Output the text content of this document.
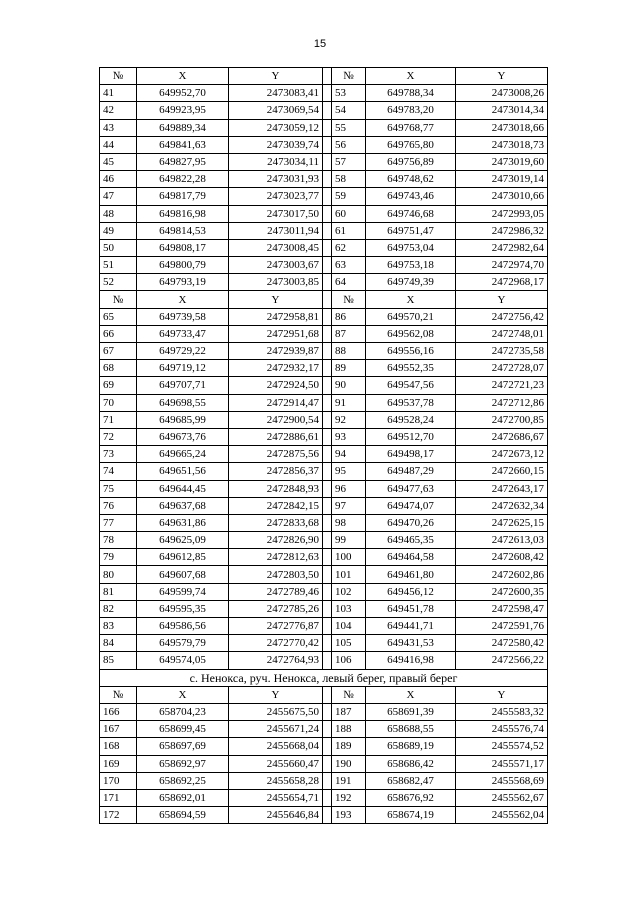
15
№	X	Y		№	X	Y
41	649952,70	2473083,41		53	649788,34	2473008,26
42	649923,95	2473069,54		54	649783,20	2473014,34
43	649889,34	2473059,12		55	649768,77	2473018,66
44	649841,63	2473039,74		56	649765,80	2473018,73
45	649827,95	2473034,11		57	649756,89	2473019,60
46	649822,28	2473031,93		58	649748,62	2473019,14
47	649817,79	2473023,77		59	649743,46	2473010,66
48	649816,98	2473017,50		60	649746,68	2472993,05
49	649814,53	2473011,94		61	649751,47	2472986,32
50	649808,17	2473008,45		62	649753,04	2472982,64
51	649800,79	2473003,67		63	649753,18	2472974,70
52	649793,19	2473003,85		64	649749,39	2472968,17
№	X	Y		№	X	Y
65	649739,58	2472958,81		86	649570,21	2472756,42
66	649733,47	2472951,68		87	649562,08	2472748,01
67	649729,22	2472939,87		88	649556,16	2472735,58
68	649719,12	2472932,17		89	649552,35	2472728,07
69	649707,71	2472924,50		90	649547,56	2472721,23
70	649698,55	2472914,47		91	649537,78	2472712,86
71	649685,99	2472900,54		92	649528,24	2472700,85
72	649673,76	2472886,61		93	649512,70	2472686,67
73	649665,24	2472875,56		94	649498,17	2472673,12
74	649651,56	2472856,37		95	649487,29	2472660,15
75	649644,45	2472848,93		96	649477,63	2472643,17
76	649637,68	2472842,15		97	649474,07	2472632,34
77	649631,86	2472833,68		98	649470,26	2472625,15
78	649625,09	2472826,90		99	649465,35	2472613,03
79	649612,85	2472812,63		100	649464,58	2472608,42
80	649607,68	2472803,50		101	649461,80	2472602,86
81	649599,74	2472789,46		102	649456,12	2472600,35
82	649595,35	2472785,26		103	649451,78	2472598,47
83	649586,56	2472776,87		104	649441,71	2472591,76
84	649579,79	2472770,42		105	649431,53	2472580,42
85	649574,05	2472764,93		106	649416,98	2472566,22
с. Ненокса, руч. Ненокса, левый берег, правый берег						
№	X	Y		№	X	Y
166	658704,23	2455675,50		187	658691,39	2455583,32
167	658699,45	2455671,24		188	658688,55	2455576,74
168	658697,69	2455668,04		189	658689,19	2455574,52
169	658692,97	2455660,47		190	658686,42	2455571,17
170	658692,25	2455658,28		191	658682,47	2455568,69
171	658692,01	2455654,71		192	658676,92	2455562,67
172	658694,59	2455646,84		193	658674,19	2455562,04
